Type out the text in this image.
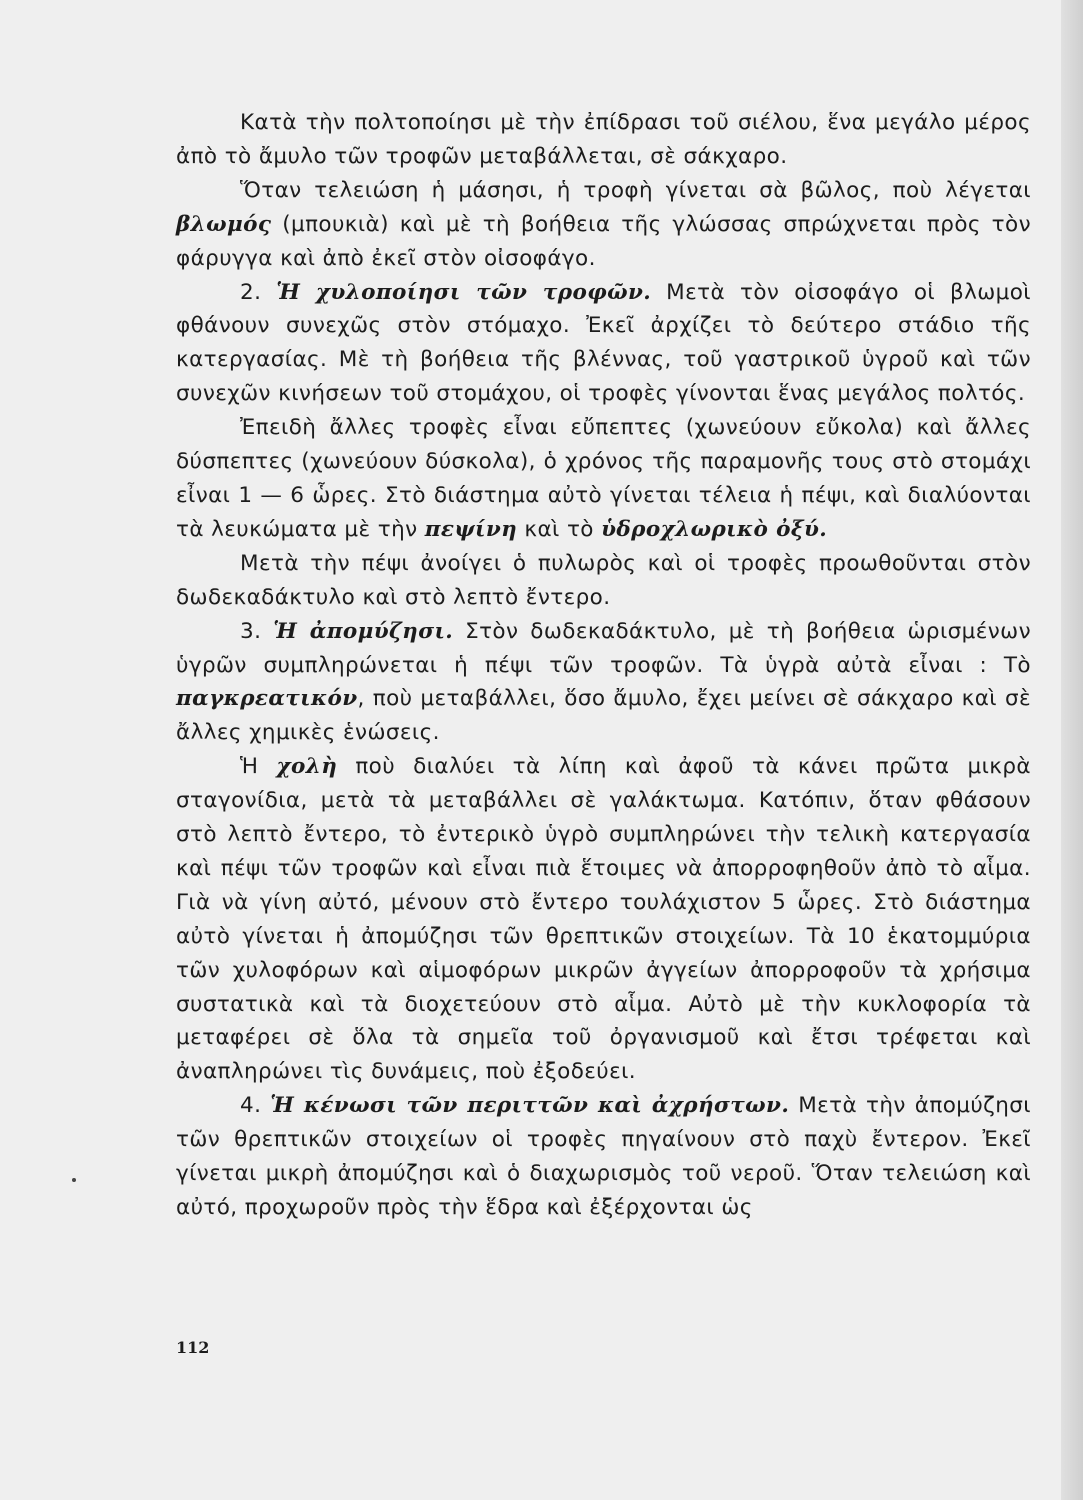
Κατὰ τὴν πολτοποίησι μὲ τὴν ἐπίδρασι τοῦ σιέλου, ἕνα μεγάλο μέρος ἀπὸ τὸ ἄμυλο τῶν τροφῶν μεταβάλλεται, σὲ σάκχαρο.

Ὅταν τελειώση ἡ μάσησι, ἡ τροφὴ γίνεται σὰ βῶλος, ποὺ λέγεται βλωμός (μπουκιὰ) καὶ μὲ τὴ βοήθεια τῆς γλώσσας σπρώχνεται πρὸς τὸν φάρυγγα καὶ ἀπὸ ἐκεῖ στὸν οἰσοφάγο.

2. Ἡ χυλοποίησι τῶν τροφῶν. Μετὰ τὸν οἰσοφάγο οἱ βλωμοὶ φθάνουν συνεχῶς στὸν στόμαχο. Ἐκεῖ ἀρχίζει τὸ δεύτερο στάδιο τῆς κατεργασίας. Μὲ τὴ βοήθεια τῆς βλέννας, τοῦ γαστρικοῦ ὑγροῦ καὶ τῶν συνεχῶν κινήσεων τοῦ στομάχου, οἱ τροφὲς γίνονται ἕνας μεγάλος πολτός.

Ἐπειδὴ ἄλλες τροφὲς εἶναι εὔπεπτες (χωνεύουν εὔκολα) καὶ ἄλλες δύσπεπτες (χωνεύουν δύσκολα), ὁ χρόνος τῆς παραμονῆς τους στὸ στομάχι εἶναι 1 — 6 ὧρες. Στὸ διάστημα αὐτὸ γίνεται τέλεια ἡ πέψι, καὶ διαλύονται τὰ λευκώματα μὲ τὴν πεψίνη καὶ τὸ ὑδροχλωρικὸ ὀξύ.

Μετὰ τὴν πέψι ἀνοίγει ὁ πυλωρὸς καὶ οἱ τροφὲς προωθοῦνται στὸν δωδεκαδάκτυλο καὶ στὸ λεπτὸ ἔντερο.

3. Ἡ ἀπομύζησι. Στὸν δωδεκαδάκτυλο, μὲ τὴ βοήθεια ὡρισμένων ὑγρῶν συμπληρώνεται ἡ πέψι τῶν τροφῶν. Τὰ ὑγρὰ αὐτὰ εἶναι : Τὸ παγκρεατικόν, ποὺ μεταβάλλει, ὅσο ἄμυλο, ἔχει μείνει σὲ σάκχαρο καὶ σὲ ἄλλες χημικὲς ἑνώσεις.

Ἡ χολὴ ποὺ διαλύει τὰ λίπη καὶ ἀφοῦ τὰ κάνει πρῶτα μικρὰ σταγονίδια, μετὰ τὰ μεταβάλλει σὲ γαλάκτωμα. Κατόπιν, ὅταν φθάσουν στὸ λεπτὸ ἔντερο, τὸ ἐντερικὸ ὑγρὸ συμπληρώνει τὴν τελικὴ κατεργασία καὶ πέψι τῶν τροφῶν καὶ εἶναι πιὰ ἕτοιμες νὰ ἀπορροφηθοῦν ἀπὸ τὸ αἷμα. Γιὰ νὰ γίνη αὐτό, μένουν στὸ ἔντερο τουλάχιστον 5 ὧρες. Στὸ διάστημα αὐτὸ γίνεται ἡ ἀπομύζησι τῶν θρεπτικῶν στοιχείων. Τὰ 10 ἑκατομμύρια τῶν χυλοφόρων καὶ αἱμοφόρων μικρῶν ἀγγείων ἀπορροφοῦν τὰ χρήσιμα συστατικὰ καὶ τὰ διοχετεύουν στὸ αἷμα. Αὐτὸ μὲ τὴν κυκλοφορία τὰ μεταφέρει σὲ ὅλα τὰ σημεῖα τοῦ ὀργανισμοῦ καὶ ἔτσι τρέφεται καὶ ἀναπληρώνει τὶς δυνάμεις, ποὺ ἐξοδεύει.

4. Ἡ κένωσι τῶν περιττῶν καὶ ἀχρήστων. Μετὰ τὴν ἀπομύζησι τῶν θρεπτικῶν στοιχείων οἱ τροφὲς πηγαίνουν στὸ παχὺ ἔντερον. Ἐκεῖ γίνεται μικρὴ ἀπομύζησι καὶ ὁ διαχωρισμὸς τοῦ νεροῦ. Ὅταν τελειώση καὶ αὐτό, προχωροῦν πρὸς τὴν ἕδρα καὶ ἐξέρχονται ὡς

112
